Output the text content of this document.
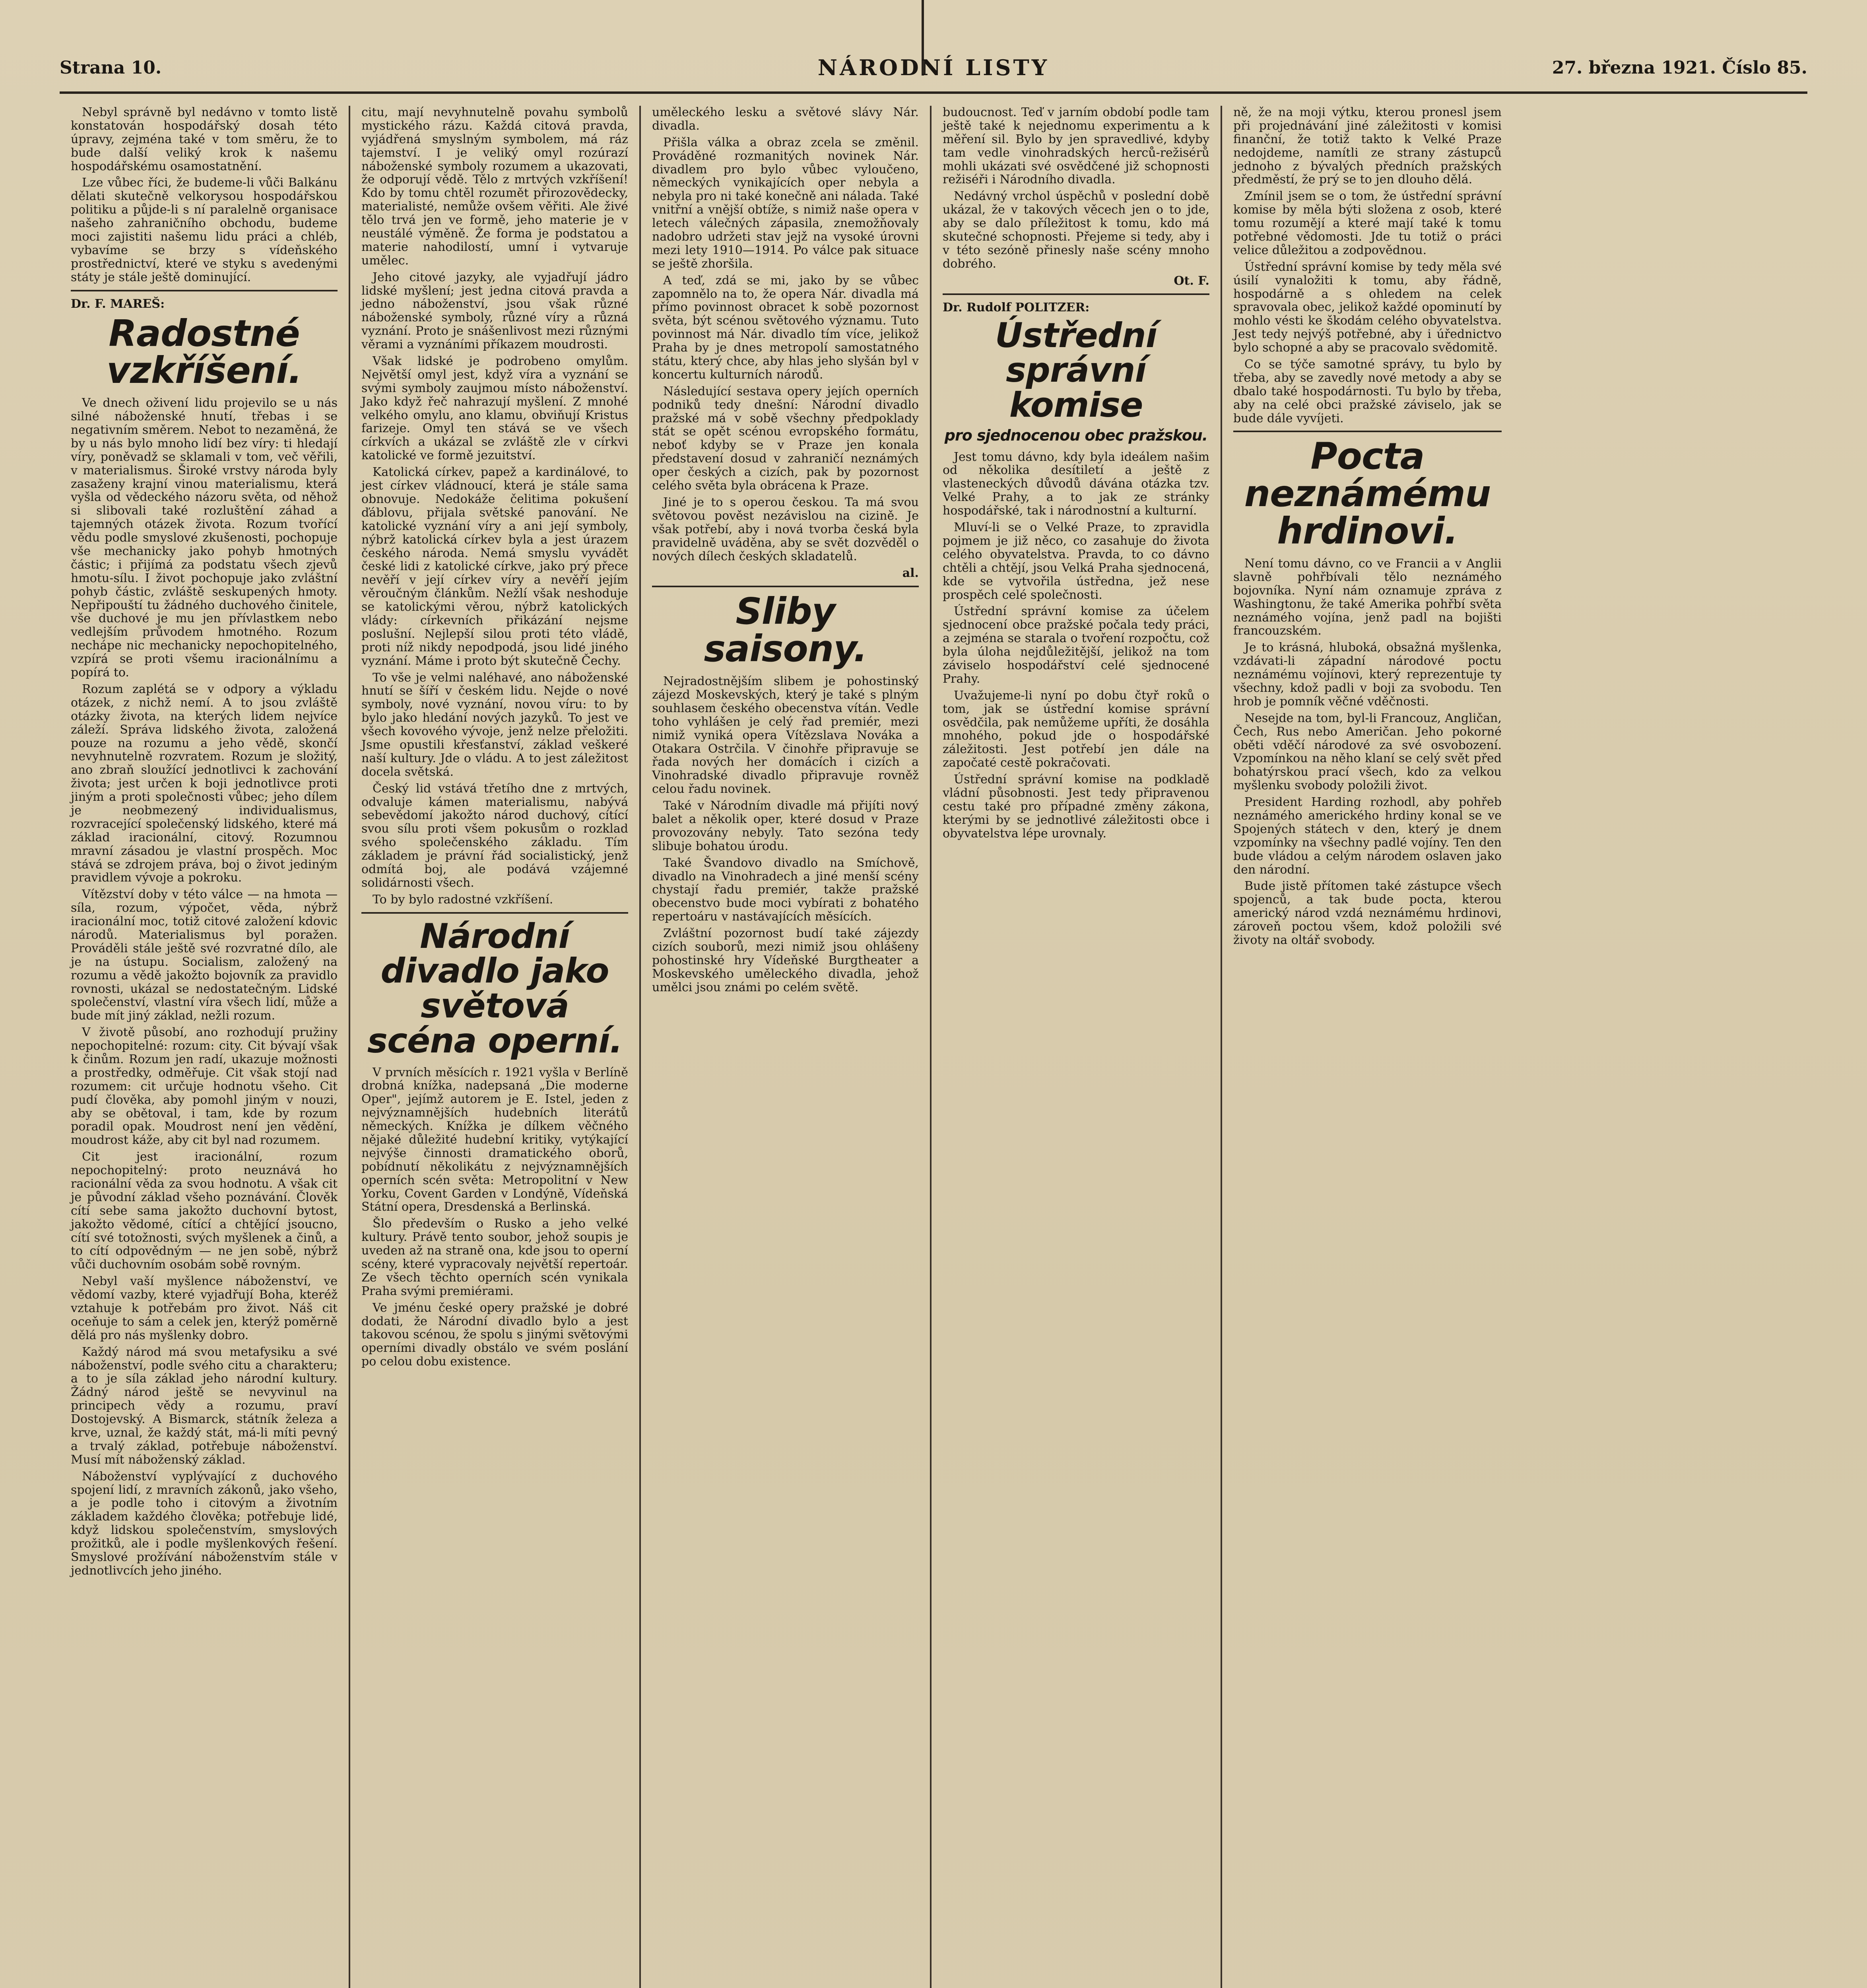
Strana 10.	NÁRODNÍ LISTY	27. března 1921. Číslo 85.

Nebyl správně byl nedávno v tomto listě konstatován hospodářský dosah této úpravy, zejména také v tom směru, že to bude další veliký krok k našemu hospodářskému osamostatnění.

Lze vůbec říci, že budeme-li vůči Balkánu dělati skutečně velkorysou hospodářskou politiku a půjde-li s ní paralelně organisace našeho zahraničního obchodu, budeme moci zajistiti našemu lidu práci a chléb, vybavíme se brzy s vídeňského prostřednictví, které ve styku s avedenými státy je stále ještě dominující.

Dr. F. MAREŠ:
Radostné vzkříšení.

Ve dnech oživení lidu projevilo se u nás silné náboženské hnutí, třebas i se negativním směrem. Nebot to nezaměná, že by u nás bylo mnoho lidí bez víry: ti hledají víry, poněvadž se sklamali v tom, več věřili, v materialismus. Široké vrstvy národa byly zasaženy krajní vinou materialismu, která vyšla od vědeckého názoru světa, od něhož si slibovali také rozluštění záhad a tajemných otázek života. Rozum tvořící vědu podle smyslové zkušenosti, pochopuje vše mechanicky jako pohyb hmotných částic; i přijímá za podstatu všech zjevů hmotu-sílu. I život pochopuje jako zvláštní pohyb částic, zvláště seskupených hmoty. Nepřipouští tu žádného duchového činitele, vše duchové je mu jen přívlastkem nebo vedlejším průvodem hmotného. Rozum nechápe nic mechanicky nepochopitelného, vzpírá se proti všemu iracionálnímu a popírá to.

Rozum zaplétá se v odpory a výkladu otázek, z nichž nemí. A to jsou zvláště otázky života, na kterých lidem nejvíce záleží. Správa lidského života, založená pouze na rozumu a jeho vědě, skončí nevyhnutelně rozvratem. Rozum je složitý, ano zbraň sloužící jednotlivci k zachování života; jest určen k boji jednotlivce proti jiným a proti společnosti vůbec; jeho dílem je neobmezený individualismus, rozvracející společenský lidského, které má základ iracionální, citový. Rozumnou mravní zásadou je vlastní prospěch. Moc stává se zdrojem práva, boj o život jediným pravidlem vývoje a pokroku.

Vítězství doby v této válce — na hmota — síla, rozum, výpočet, věda, nýbrž iracionální moc, totiž citové založení kdovic národů. Materialismus byl poražen. Prováděli stále ještě své rozvratné dílo, ale je na ústupu. Socialism, založený na rozumu a vědě jakožto bojovník za pravidlo rovnosti, ukázal se nedostatečným. Lidské společenství, vlastní víra všech lidí, může a bude mít jiný základ, nežli rozum.

V životě působí, ano rozhodují pružiny nepochopitelné: rozum: city. Cit bývají však k činům. Rozum jen radí, ukazuje možnosti a prostředky, odměřuje. Cit však stojí nad rozumem: cit určuje hodnotu všeho. Cit pudí člověka, aby pomohl jiným v nouzi, aby se obětoval, i tam, kde by rozum poradil opak. Moudrost není jen vědění, moudrost káže, aby cit byl nad rozumem.

Cit jest iracionální, rozum nepochopitelný: proto neuznává ho racionální věda za svou hodnotu. A však cit je původní základ všeho poznávání. Člověk cítí sebe sama jakožto duchovní bytost, jakožto vědomé, cítící a chtějící jsoucno, cítí své totožnosti, svých myšlenek a činů, a to cítí odpovědným — ne jen sobě, nýbrž vůči duchovním osobám sobě rovným.

Nebyl vaší myšlence náboženství, ve vědomí vazby, které vyjadřují Boha, kteréž vztahuje k potřebám pro život. Náš cit oceňuje to sám a celek jen, kterýž poměrně dělá pro nás myšlenky dobro.

Každý národ má svou metafysiku a své náboženství, podle svého citu a charakteru; a to je síla základ jeho národní kultury. Žádný národ ještě se nevyvinul na principech vědy a rozumu, praví Dostojevský. A Bismarck, státník železa a krve, uznal, že každý stát, má-li míti pevný a trvalý základ, potřebuje náboženství. Musí mít náboženský základ.

Náboženství vyplývající z duchového spojení lidí, z mravních zákonů, jako všeho, a je podle toho i citovým a životním základem každého člověka; potřebuje lidé, když lidskou společenstvím, smyslových prožitků, ale i podle myšlenkových řešení. Smyslové prožívání náboženstvím stále v jednotlivcích jeho jiného.

citu, mají nevyhnutelně povahu symbolů mystického rázu. Každá citová pravda, vyjádřená smyslným symbolem, má ráz tajemství. I je veliký omyl rozúrazí náboženské symboly rozumem a ukazovati, že odporují vědě. Tělo z mrtvých vzkříšení! Kdo by tomu chtěl rozumět přirozovědecky, materialisté, nemůže ovšem věřiti. Ale živé tělo trvá jen ve formě, jeho materie je v neustálé výměně. Že forma je podstatou a materie nahodilostí, umní i vytvaruje umělec.

Jeho citové jazyky, ale vyjadřují jádro lidské myšlení; jest jedna citová pravda a jedno náboženství, jsou však různé náboženské symboly, různé víry a různá vyznání. Proto je snášenlivost mezi různými věrami a vyznáními příkazem moudrosti.

Však lidské je podrobeno omylům. Největší omyl jest, když víra a vyznání se svými symboly zaujmou místo náboženství. Jako když řeč nahrazují myšlení. Z mnohé velkého omylu, ano klamu, obviňují Kristus farizeje. Omyl ten stává se ve všech církvích a ukázal se zvláště zle v církvi katolické ve formě jezuitství.

Katolická církev, papež a kardinálové, to jest církev vládnoucí, která je stále sama obnovuje. Nedokáže čelitima pokušení ďáblovu, přijala světské panování. Ne katolické vyznání víry a ani její symboly, nýbrž katolická církev byla a jest úrazem českého národa. Nemá smyslu vyvádět české lidi z katolické církve, jako prý přece nevěří v její církev víry a nevěří jejím věroučným článkům. Nežlí však neshoduje se katolickými věrou, nýbrž katolických vlády: církevních přikázání nejsme poslušní. Nejlepší silou proti této vládě, proti níž nikdy nepodpodá, jsou lidé jiného vyznání. Máme i proto být skutečně Čechy.

To vše je velmi naléhavé, ano náboženské hnutí se šíří v českém lidu. Nejde o nové symboly, nové vyznání, novou víru: to by bylo jako hledání nových jazyků. To jest ve všech kovového vývoje, jenž nelze přeložiti. Jsme opustili křesťanství, základ veškeré naší kultury. Jde o vládu. A to jest záležitost docela světská.

Český lid vstává třetího dne z mrtvých, odvaluje kámen materialismu, nabývá sebevědomí jakožto národ duchový, cítící svou sílu proti všem pokusům o rozklad svého společenského základu. Tím základem je právní řád socialistický, jenž odmítá boj, ale podává vzájemné solidárnosti všech.

To by bylo radostné vzkříšení.

Národní divadlo jako světová scéna operní.

V prvních měsících r. 1921 vyšla v Berlíně drobná knížka, nadepsaná „Die moderne Oper", jejímž autorem je E. Istel, jeden z nejvýznamnějších hudebních literátů německých. Knížka je dílkem věčného nějaké důležité hudební kritiky, vytýkající nejvýše činnosti dramatického oborů, pobídnutí několikátu z nejvýznamnějších operních scén světa: Metropolitní v New Yorku, Covent Garden v Londýně, Vídeňská Státní opera, Dresdenská a Berlinská.

Šlo především o Rusko a jeho velké kultury. Právě tento soubor, jehož soupis je uveden až na straně ona, kde jsou to operní scény, které vypracovaly největší repertoár. Ze všech těchto operních scén vynikala Praha svými premiérami.

Ve jménu české opery pražské je dobré dodati, že Národní divadlo bylo a jest takovou scénou, že spolu s jinými světovými operními divadly obstálo ve svém poslání po celou dobu existence.

uměleckého lesku a světové slávy Nár. divadla.

Přišla válka a obraz zcela se změnil. Prováděné rozmanitých novinek Nár. divadlem pro bylo vůbec vyloučeno, německých vynikajících oper nebyla a nebyla pro ni také konečně ani nálada. Také vnitřní a vnější obtíže, s nimiž naše opera v letech válečných zápasila, znemožňovaly nadobro udržeti stav jejž na vysoké úrovni mezi lety 1910—1914. Po válce pak situace se ještě zhoršila.

A teď, zdá se mi, jako by se vůbec zapomnělo na to, že opera Nár. divadla má přímo povinnost obracet k sobě pozornost světa, být scénou světového významu. Tuto povinnost má Nár. divadlo tím více, jelikož Praha by je dnes metropolí samostatného státu, který chce, aby hlas jeho slyšán byl v koncertu kulturních národů.

Následující sestava opery jejích operních podniků tedy dnešní: Národní divadlo pražské má v sobě všechny předpoklady stát se opět scénou evropského formátu, neboť kdyby se v Praze jen konala představení dosud v zahraničí neznámých oper českých a cizích, pak by pozornost celého světa byla obrácena k Praze.

Jiné je to s operou českou. Ta má svou světovou pověst nezávislou na cizině. Je však potřebí, aby i nová tvorba česká byla pravidelně uváděna, aby se svět dozvěděl o nových dílech českých skladatelů.

al.
Sliby saisony.

Nejradostnějším slibem je pohostinský zájezd Moskevských, který je také s plným souhlasem českého obecenstva vítán. Vedle toho vyhlášen je celý řad premiér, mezi nimiž vyniká opera Vítězslava Nováka a Otakara Ostrčila. V činohře připravuje se řada nových her domácích i cizích a Vinohradské divadlo připravuje rovněž celou řadu novinek.

Také v Národním divadle má přijíti nový balet a několik oper, které dosud v Praze provozovány nebyly. Tato sezóna tedy slibuje bohatou úrodu.

Také Švandovo divadlo na Smíchově, divadlo na Vinohradech a jiné menší scény chystají řadu premiér, takže pražské obecenstvo bude moci vybírati z bohatého repertoáru v nastávajících měsících.

Zvláštní pozornost budí také zájezdy cizích souborů, mezi nimiž jsou ohlášeny pohostinské hry Vídeňské Burgtheater a Moskevského uměleckého divadla, jehož umělci jsou známi po celém světě.

budoucnost. Teď v jarním období podle tam ještě také k nejednomu experimentu a k měření sil. Bylo by jen spravedlivé, kdyby tam vedle vinohradských herců-režisérů mohli ukázati své osvědčené již schopnosti režiséři i Národního divadla.

Nedávný vrchol úspěchů v poslední době ukázal, že v takových věcech jen o to jde, aby se dalo příležitost k tomu, kdo má skutečné schopnosti. Přejeme si tedy, aby i v této sezóně přinesly naše scény mnoho dobrého.

Ot. F.
Dr. Rudolf POLITZER:
Ústřední správní komise
pro sjednocenou obec pražskou.

Jest tomu dávno, kdy byla ideálem našim od několika desítiletí a ještě z vlasteneckých důvodů dávána otázka tzv. Velké Prahy, a to jak ze stránky hospodářské, tak i národnostní a kulturní.

Mluví-li se o Velké Praze, to zpravidla pojmem je již něco, co zasahuje do života celého obyvatelstva. Pravda, to co dávno chtěli a chtějí, jsou Velká Praha sjednocená, kde se vytvořila ústředna, jež nese prospěch celé společnosti.

Ústřední správní komise za účelem sjednocení obce pražské počala tedy práci, a zejména se starala o tvoření rozpočtu, což byla úloha nejdůležitější, jelikož na tom záviselo hospodářství celé sjednocené Prahy.

Uvažujeme-li nyní po dobu čtyř roků o tom, jak se ústřední komise správní osvědčila, pak nemůžeme upříti, že dosáhla mnohého, pokud jde o hospodářské záležitosti. Jest potřebí jen dále na započaté cestě pokračovati.

Ústřední správní komise na podkladě vládní působnosti. Jest tedy připravenou cestu také pro případné změny zákona, kterými by se jednotlivé záležitosti obce i obyvatelstva lépe urovnaly.

ně, že na moji výtku, kterou pronesl jsem při projednávání jiné záležitosti v komisi finanční, že totiž takto k Velké Praze nedojdeme, namítli ze strany zástupců jednoho z bývalých předních pražských předměstí, že prý se to jen dlouho dělá.

Zmínil jsem se o tom, že ústřední správní komise by měla býti složena z osob, které tomu rozumějí a které mají také k tomu potřebné vědomosti. Jde tu totiž o práci velice důležitou a zodpovědnou.

Ústřední správní komise by tedy měla své úsilí vynaložiti k tomu, aby řádně, hospodárně a s ohledem na celek spravovala obec, jelikož každé opominutí by mohlo vésti ke škodám celého obyvatelstva. Jest tedy nejvýš potřebné, aby i úřednictvo bylo schopné a aby se pracovalo svědomitě.

Co se týče samotné správy, tu bylo by třeba, aby se zavedly nové metody a aby se dbalo také hospodárnosti. Tu bylo by třeba, aby na celé obci pražské záviselo, jak se bude dále vyvíjeti.

Pocta neznámému hrdinovi.

Není tomu dávno, co ve Francii a v Anglii slavně pohřbívali tělo neznámého bojovníka. Nyní nám oznamuje zpráva z Washingtonu, že také Amerika pohřbí světa neznámého vojína, jenž padl na bojišti francouzském.

Je to krásná, hluboká, obsažná myšlenka, vzdávati-li západní národové poctu neznámému vojínovi, který reprezentuje ty všechny, kdož padli v boji za svobodu. Ten hrob je pomník věčné vděčnosti.

Nesejde na tom, byl-li Francouz, Angličan, Čech, Rus nebo Američan. Jeho pokorné oběti vděčí národové za své osvobození. Vzpomínkou na něho klaní se celý svět před bohatýrskou prací všech, kdo za velkou myšlenku svobody položili život.

President Harding rozhodl, aby pohřeb neznámého amerického hrdiny konal se ve Spojených státech v den, který je dnem vzpomínky na všechny padlé vojíny. Ten den bude vládou a celým národem oslaven jako den národní.

Bude jistě přítomen také zástupce všech spojenců, a tak bude pocta, kterou americký národ vzdá neznámému hrdinovi, zároveň poctou všem, kdož položili své životy na oltář svobody.
